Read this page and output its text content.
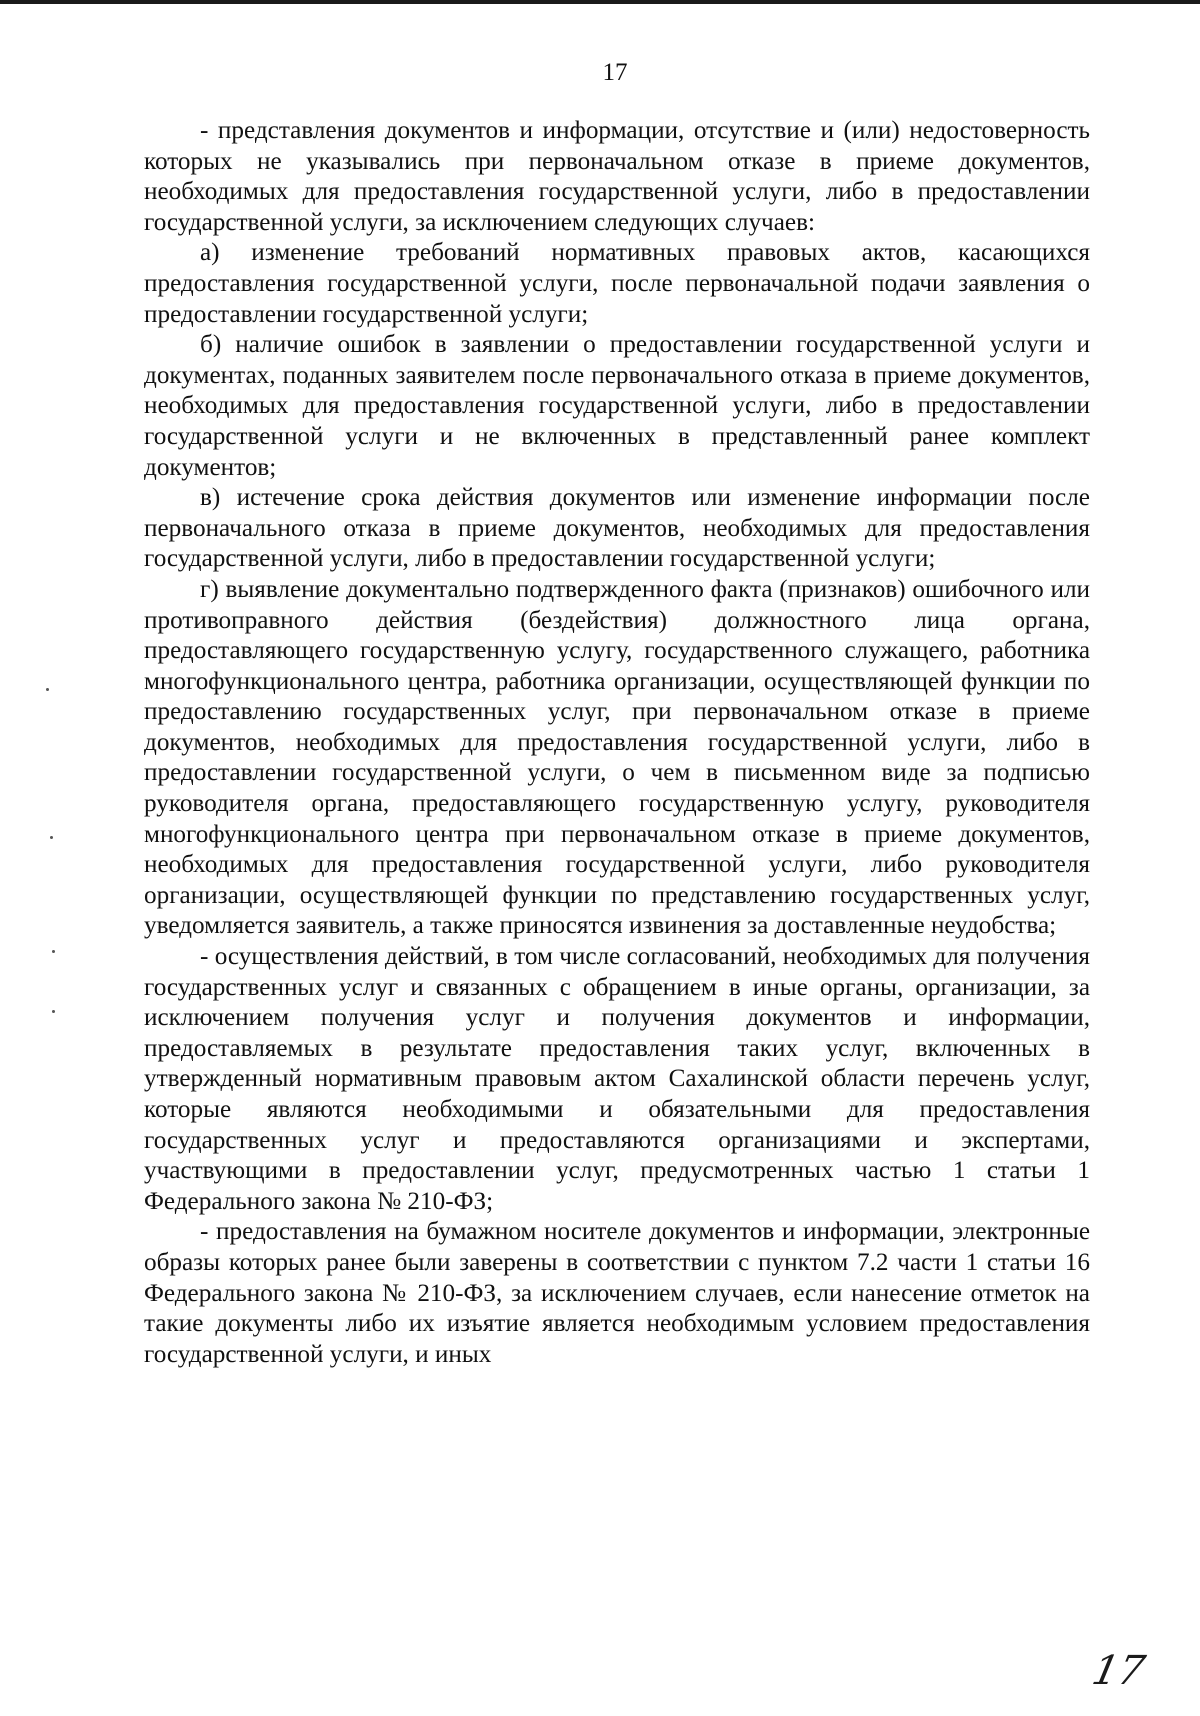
17

- представления документов и информации, отсутствие и (или) недостоверность которых не указывались при первоначальном отказе в приеме документов, необходимых для предоставления государственной услуги, либо в предоставлении государственной услуги, за исключением следующих случаев:

а) изменение требований нормативных правовых актов, касающихся предоставления государственной услуги, после первоначальной подачи заявления о предоставлении государственной услуги;

б) наличие ошибок в заявлении о предоставлении государственной услуги и документах, поданных заявителем после первоначального отказа в приеме документов, необходимых для предоставления государственной услуги, либо в предоставлении государственной услуги и не включенных в представленный ранее комплект документов;

в) истечение срока действия документов или изменение информации после первоначального отказа в приеме документов, необходимых для предоставления государственной услуги, либо в предоставлении государственной услуги;

г) выявление документально подтвержденного факта (признаков) ошибочного или противоправного действия (бездействия) должностного лица органа, предоставляющего государственную услугу, государственного служащего, работника многофункционального центра, работника организации, осуществляющей функции по предоставлению государственных услуг, при первоначальном отказе в приеме документов, необходимых для предоставления государственной услуги, либо в предоставлении государственной услуги, о чем в письменном виде за подписью руководителя органа, предоставляющего государственную услугу, руководителя многофункционального центра при первоначальном отказе в приеме документов, необходимых для предоставления государственной услуги, либо руководителя организации, осуществляющей функции по представлению государственных услуг, уведомляется заявитель, а также приносятся извинения за доставленные неудобства;

- осуществления действий, в том числе согласований, необходимых для получения государственных услуг и связанных с обращением в иные органы, организации, за исключением получения услуг и получения документов и информации, предоставляемых в результате предоставления таких услуг, включенных в утвержденный нормативным правовым актом Сахалинской области перечень услуг, которые являются необходимыми и обязательными для предоставления государственных услуг и предоставляются организациями и экспертами, участвующими в предоставлении услуг, предусмотренных частью 1 статьи 1 Федерального закона № 210-ФЗ;

- предоставления на бумажном носителе документов и информации, электронные образы которых ранее были заверены в соответствии с пунктом 7.2 части 1 статьи 16 Федерального закона № 210-ФЗ, за исключением случаев, если нанесение отметок на такие документы либо их изъятие является необходимым условием предоставления государственной услуги, и иных

17
